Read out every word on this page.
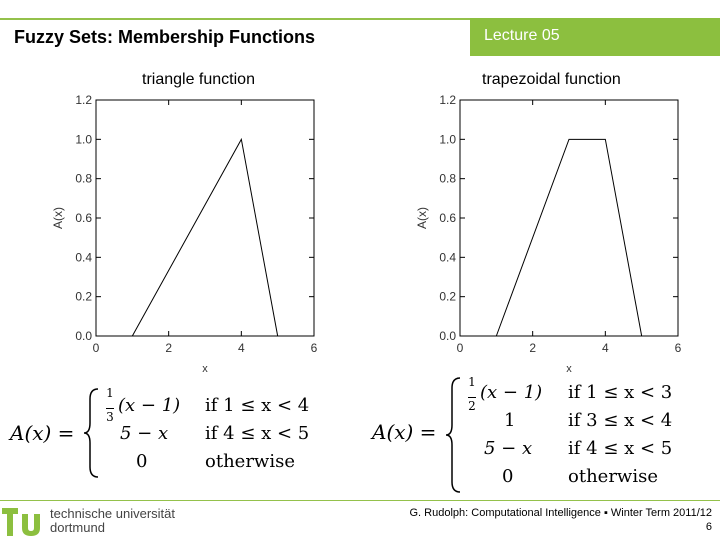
Fuzzy Sets: Membership Functions	Lecture 05
triangle function	trapezoidal function
0.0
0.2
0.4
0.6
0.8
1.0
1.2
0	2	4	6
x
A(x)
0.0
0.2
0.4
0.6
0.8
1.0
1.2
0	2	4	6
x
A(x)
A(x) =
1

3
(x − 1) if 1 ≤ x < 4
5 − x if 4 ≤ x < 5
0	otherwise
A(x) =
1

2
(x − 1) if 1 ≤ x < 3
1	if 3 ≤ x < 4
5 − x if 4 ≤ x < 5
0	otherwise
technische universität
dortmund
G. Rudolph: Computational Intelligence ▪ Winter Term 2011/12
6
